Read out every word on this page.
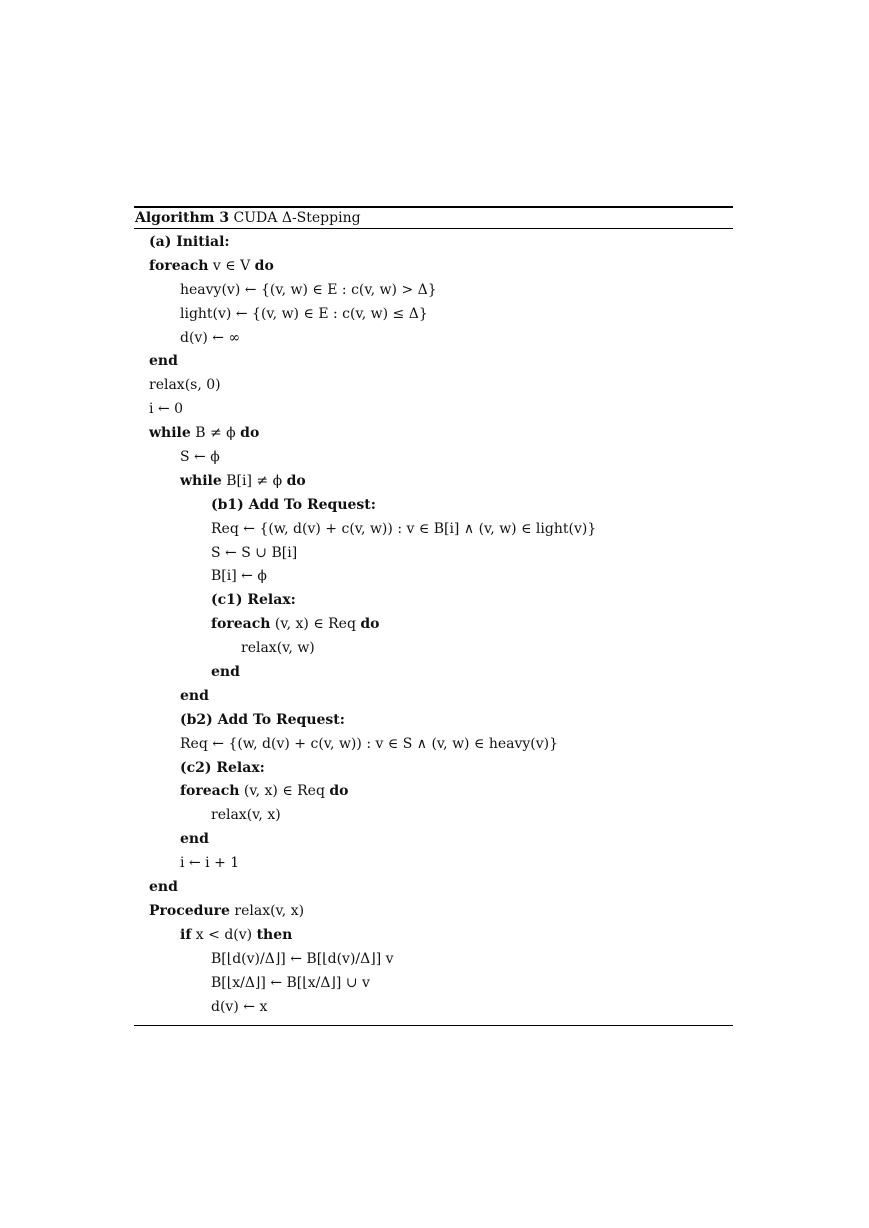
Algorithm 3 CUDA Δ-Stepping
(a) Initial:
foreach v ∈ V do
heavy(v) ← {(v, w) ∈ E : c(v, w) > Δ}
light(v) ← {(v, w) ∈ E : c(v, w) ≤ Δ}
d(v) ← ∞
end
relax(s, 0)
i ← 0
while B ≠ ϕ do
S ← ϕ
while B[i] ≠ ϕ do
(b1) Add To Request:
Req ← {(w, d(v) + c(v, w)) : v ∈ B[i] ∧ (v, w) ∈ light(v)}
S ← S ∪ B[i]
B[i] ← ϕ
(c1) Relax:
foreach (v, x) ∈ Req do
relax(v, w)
end
end
(b2) Add To Request:
Req ← {(w, d(v) + c(v, w)) : v ∈ S ∧ (v, w) ∈ heavy(v)}
(c2) Relax:
foreach (v, x) ∈ Req do
relax(v, x)
end
i ← i + 1
end
Procedure relax(v, x)
if x < d(v) then
B[⌊d(v)/Δ⌋] ← B[⌊d(v)/Δ⌋] v
B[⌊x/Δ⌋] ← B[⌊x/Δ⌋] ∪ v
d(v) ← x
